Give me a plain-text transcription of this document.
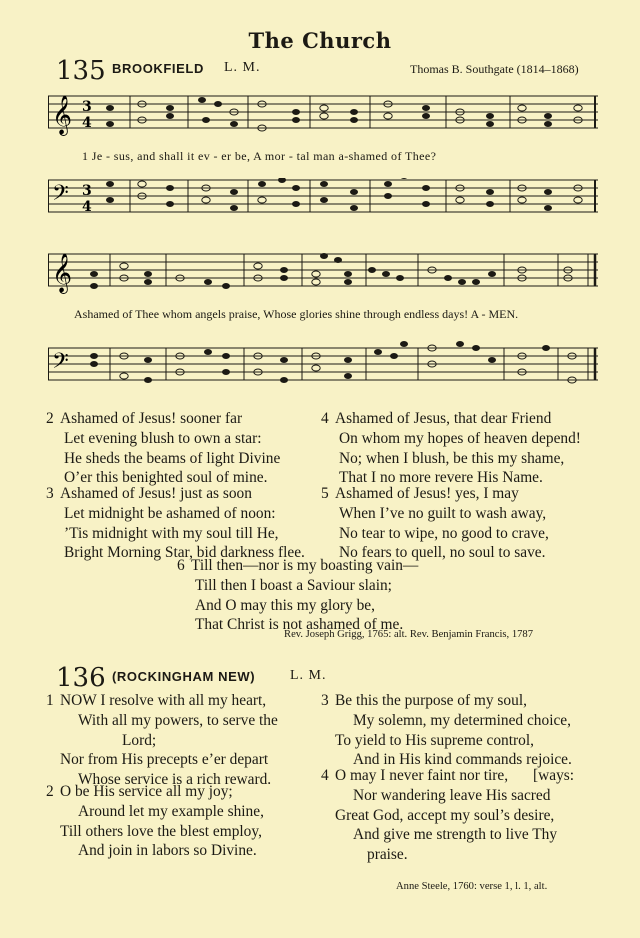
The Church
135 BROOKFIELD L. M.	Thomas B. Southgate (1814–1868)
𝄞 3
4
1 Je - sus, and shall it ev - er be, A mor - tal man a-shamed of Thee?
𝄢 3
4
𝄞
Ashamed of Thee whom angels praise, Whose glories shine through endless days! A - MEN.
𝄢
2 Ashamed of Jesus! sooner far
Let evening blush to own a star:
He sheds the beams of light Divine
O’er this benighted soul of mine.
3 Ashamed of Jesus! just as soon
Let midnight be ashamed of noon:
’Tis midnight with my soul till He,
Bright Morning Star, bid darkness flee.
4 Ashamed of Jesus, that dear Friend
On whom my hopes of heaven depend!
No; when I blush, be this my shame,
That I no more revere His Name.
5 Ashamed of Jesus! yes, I may
When I’ve no guilt to wash away,
No tear to wipe, no good to crave,
No fears to quell, no soul to save.
6 Till then—nor is my boasting vain—
Till then I boast a Saviour slain;
And O may this my glory be,
That Christ is not ashamed of me.
Rev. Joseph Grigg, 1765: alt. Rev. Benjamin Francis, 1787
136 (ROCKINGHAM NEW) L. M.
1 NOW I resolve with all my heart,
With all my powers, to serve the
Lord;
Nor from His precepts e’er depart
Whose service is a rich reward.
2 O be His service all my joy;
Around let my example shine,
Till others love the blest employ,
And join in labors so Divine.
3 Be this the purpose of my soul,
My solemn, my determined choice,
To yield to His supreme control,
And in His kind commands rejoice.
4 O may I never faint nor tire, [ways:
Nor wandering leave His sacred
Great God, accept my soul’s desire,
And give me strength to live Thy
praise.
Anne Steele, 1760: verse 1, l. 1, alt.
